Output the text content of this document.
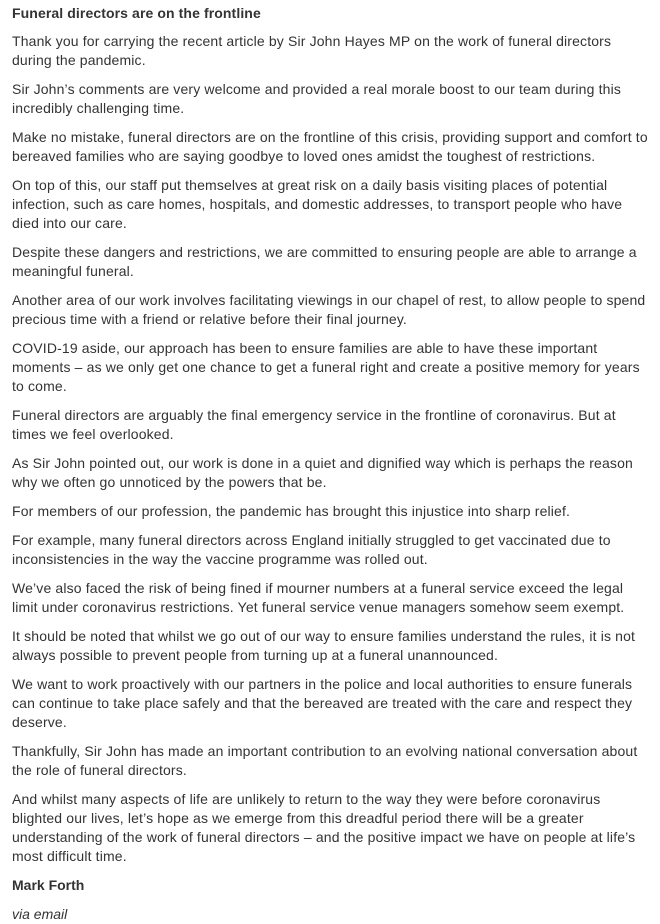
Funeral directors are on the frontline

Thank you for carrying the recent article by Sir John Hayes MP on the work of funeral directors during the pandemic.

Sir John’s comments are very welcome and provided a real morale boost to our team during this incredibly challenging time.

Make no mistake, funeral directors are on the frontline of this crisis, providing support and comfort to bereaved families who are saying goodbye to loved ones amidst the toughest of restrictions.

On top of this, our staff put themselves at great risk on a daily basis visiting places of potential infection, such as care homes, hospitals, and domestic addresses, to transport people who have died into our care.

Despite these dangers and restrictions, we are committed to ensuring people are able to arrange a meaningful funeral.

Another area of our work involves facilitating viewings in our chapel of rest, to allow people to spend precious time with a friend or relative before their final journey.

COVID-19 aside, our approach has been to ensure families are able to have these important moments – as we only get one chance to get a funeral right and create a positive memory for years to come.

Funeral directors are arguably the final emergency service in the frontline of coronavirus. But at times we feel overlooked.

As Sir John pointed out, our work is done in a quiet and dignified way which is perhaps the reason why we often go unnoticed by the powers that be.

For members of our profession, the pandemic has brought this injustice into sharp relief.

For example, many funeral directors across England initially struggled to get vaccinated due to inconsistencies in the way the vaccine programme was rolled out.

We’ve also faced the risk of being fined if mourner numbers at a funeral service exceed the legal limit under coronavirus restrictions. Yet funeral service venue managers somehow seem exempt.

It should be noted that whilst we go out of our way to ensure families understand the rules, it is not always possible to prevent people from turning up at a funeral unannounced.

We want to work proactively with our partners in the police and local authorities to ensure funerals can continue to take place safely and that the bereaved are treated with the care and respect they deserve.

Thankfully, Sir John has made an important contribution to an evolving national conversation about the role of funeral directors.

And whilst many aspects of life are unlikely to return to the way they were before coronavirus blighted our lives, let’s hope as we emerge from this dreadful period there will be a greater understanding of the work of funeral directors – and the positive impact we have on people at life’s most difficult time.

Mark Forth
via email
